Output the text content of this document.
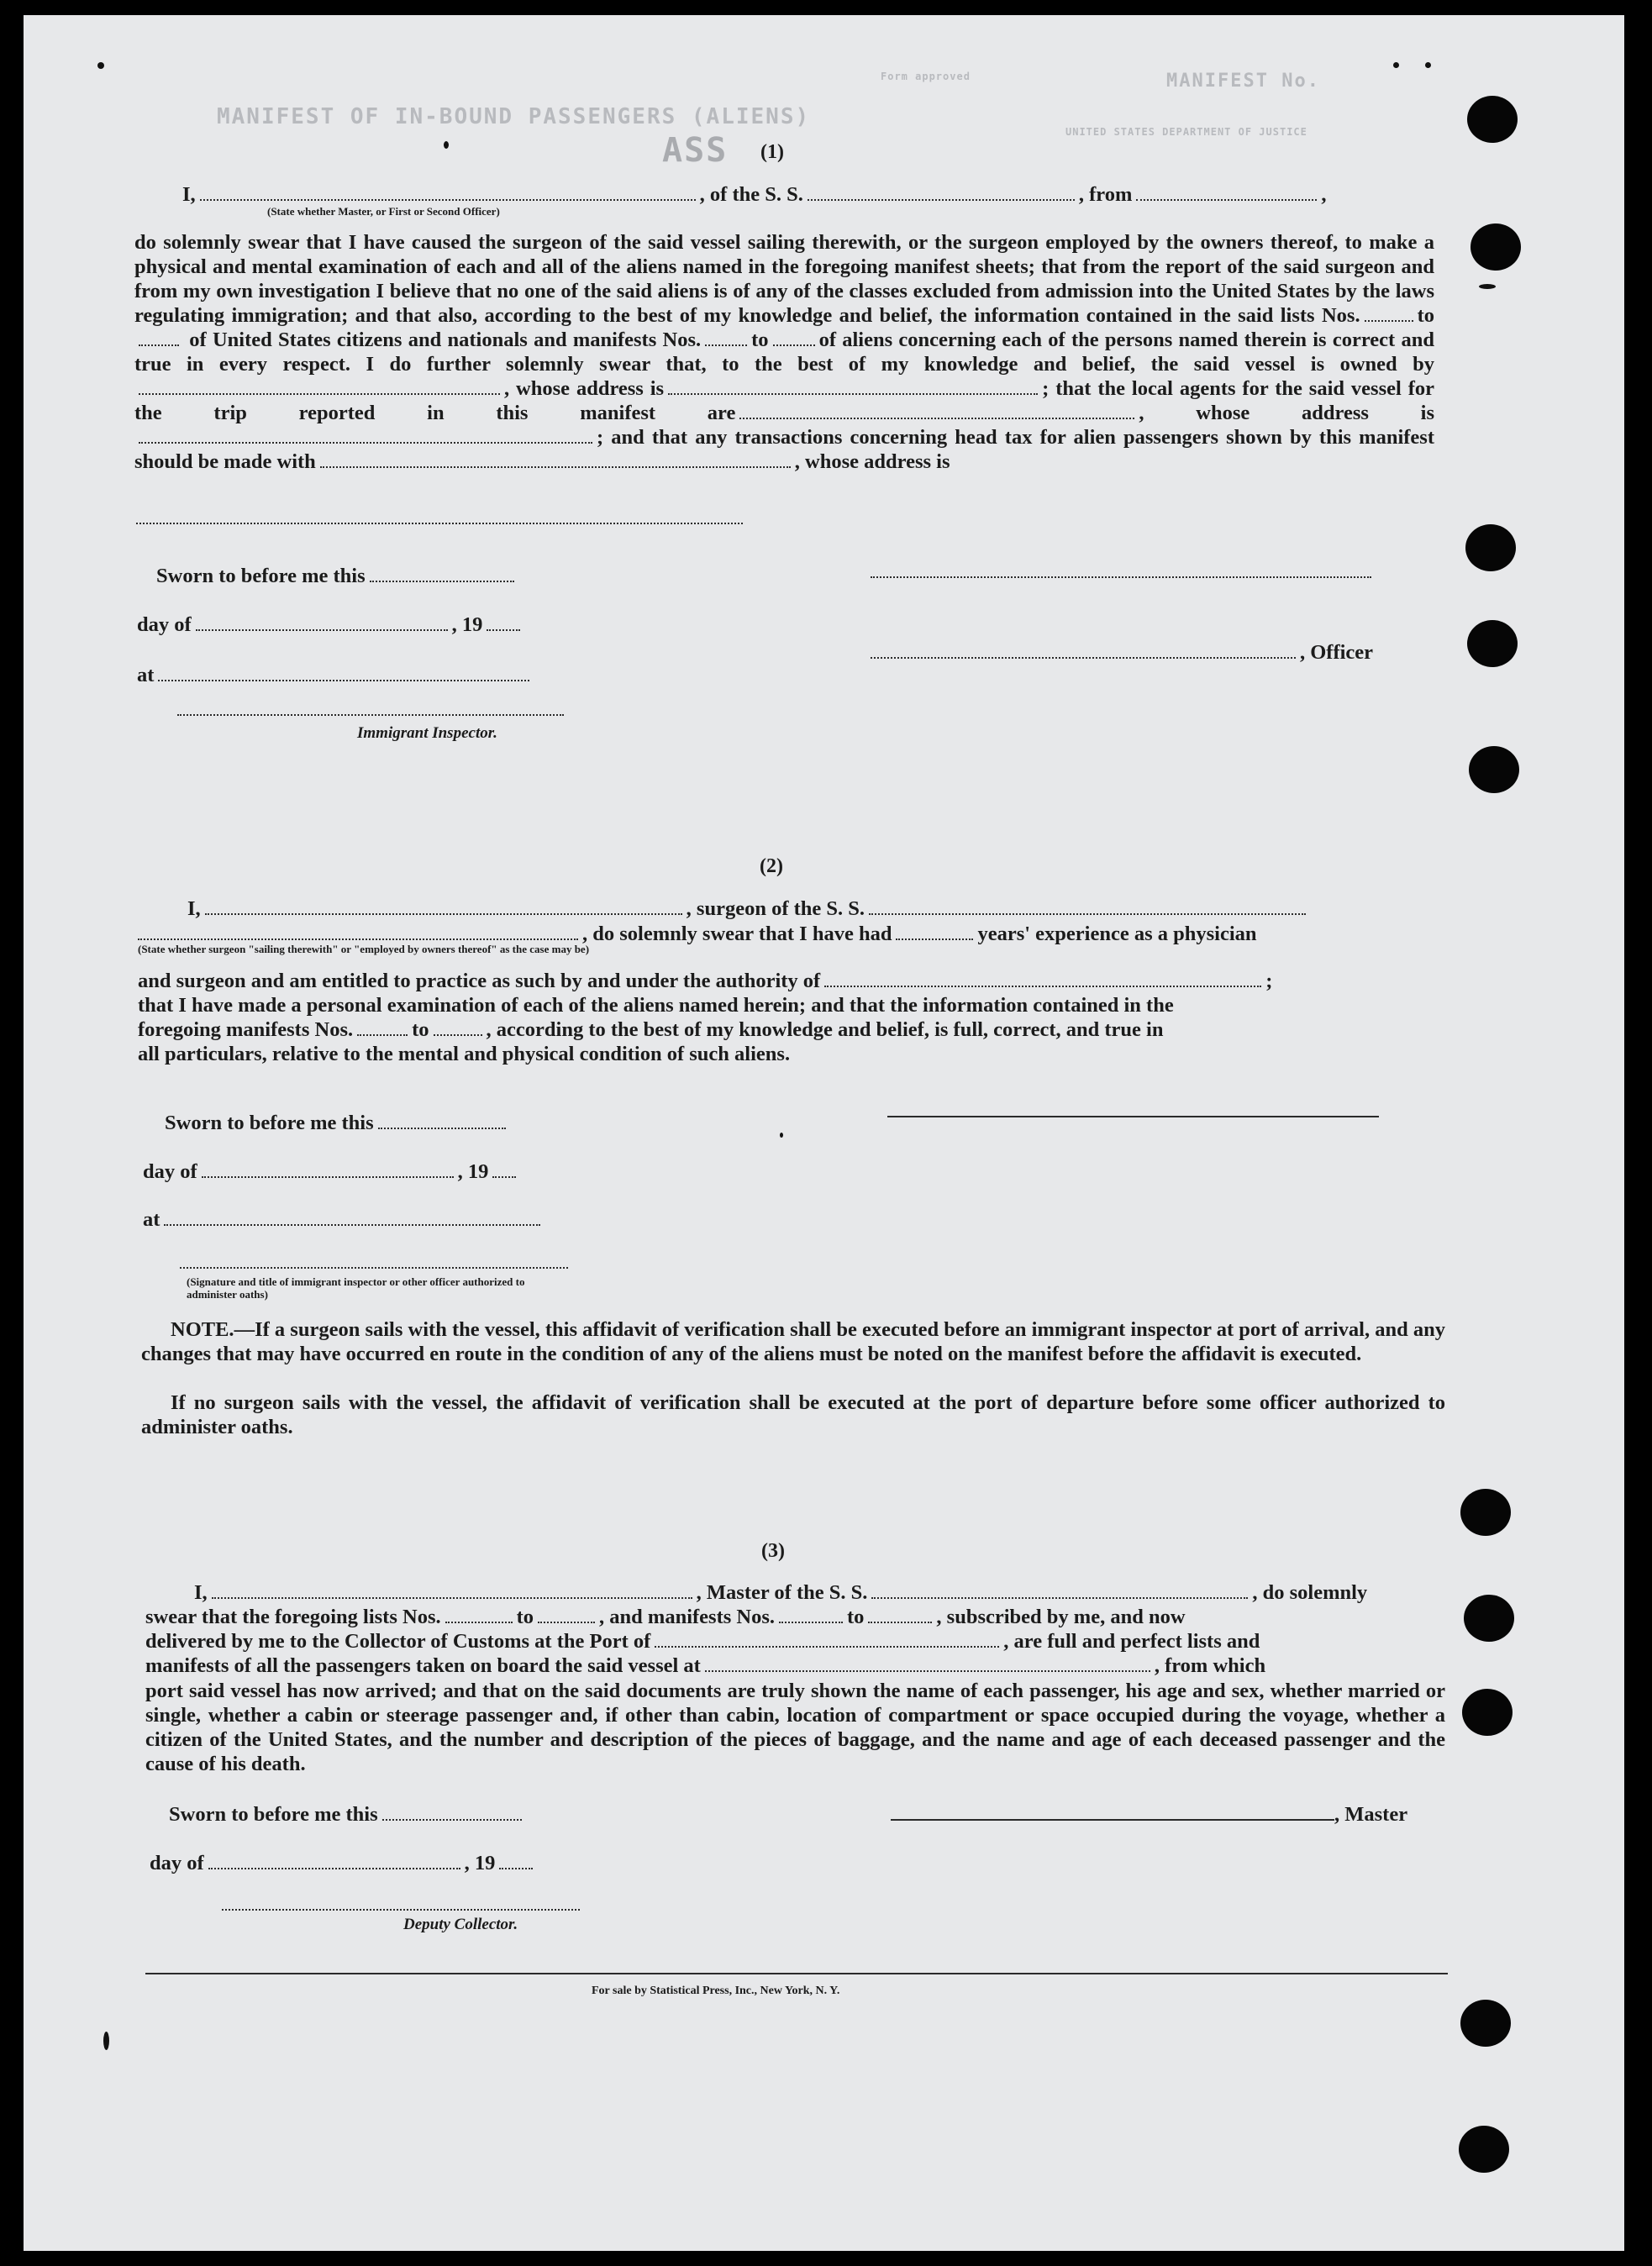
MANIFEST No.
MANIFEST OF IN-BOUND PASSENGERS (ALIENS)
ASS
Form approved
UNITED STATES DEPARTMENT OF JUSTICE
(1)
I,	, of the S. S.	, from	,
(State whether Master, or First or Second Officer)
do solemnly swear that I have caused the surgeon of the said vessel sailing therewith, or the surgeon employed by the owners thereof, to make a physical and mental examination of each and all of the aliens named in the foregoing manifest sheets; that from the report of the said surgeon and from my own investigation I believe that no one of the said aliens is of any of the classes excluded from admission into the United States by the laws regulating immigration; and that also, according to the best of my knowledge and belief, the information contained in the said lists Nos.	to of United States citizens and nationals and manifests Nos. to of aliens concerning each of the persons named therein is correct and true in every respect. I do further solemnly swear that, to the best of my knowledge and belief, the said vessel is owned by, whose address is	; that the local agents for the said vessel for the trip reported in this manifest are	,	whose address is; and that any transactions concerning head tax for alien passengers shown by this manifest should be made with	, whose address is
Sworn to before me this
day of	, 19
at
, Officer
Immigrant Inspector.
(2)
I,	, surgeon of the S. S.
, do solemnly swear that I have had	years' experience as a physician
(State whether surgeon "sailing therewith" or "employed by owners thereof" as the case may be)
and surgeon and am entitled to practice as such by and under the authority of	;
that I have made a personal examination of each of the aliens named herein; and that the information contained in the
foregoing manifests Nos.	to	, according to the best of my knowledge and belief, is full, correct, and true in
all particulars, relative to the mental and physical condition of such aliens.
Sworn to before me this
day of	, 19
at
(Signature and title of immigrant inspector or other officer authorized to administer oaths)
NOTE.—If a surgeon sails with the vessel, this affidavit of verification shall be executed before an immigrant inspector at port of arrival, and any changes that may have occurred en route in the condition of any of the aliens must be noted on the manifest before the affidavit is executed.
If no surgeon sails with the vessel, the affidavit of verification shall be executed at the port of departure before some officer authorized to administer oaths.
(3)
I,	, Master of the S. S.	, do solemnly
swear that the foregoing lists Nos.	to	, and manifests Nos.	to	, subscribed by me, and now
delivered by me to the Collector of Customs at the Port of	, are full and perfect lists and
manifests of all the passengers taken on board the said vessel at	, from which
port said vessel has now arrived; and that on the said documents are truly shown the name of each passenger, his age and sex, whether married or single, whether a cabin or steerage passenger and, if other than cabin, location of compartment or space occupied during the voyage, whether a citizen of the United States, and the number and description of the pieces of baggage, and the name and age of each deceased passenger and the cause of his death.
Sworn to before me this	, Master
day of	, 19
Deputy Collector.
For sale by Statistical Press, Inc., New York, N. Y.
